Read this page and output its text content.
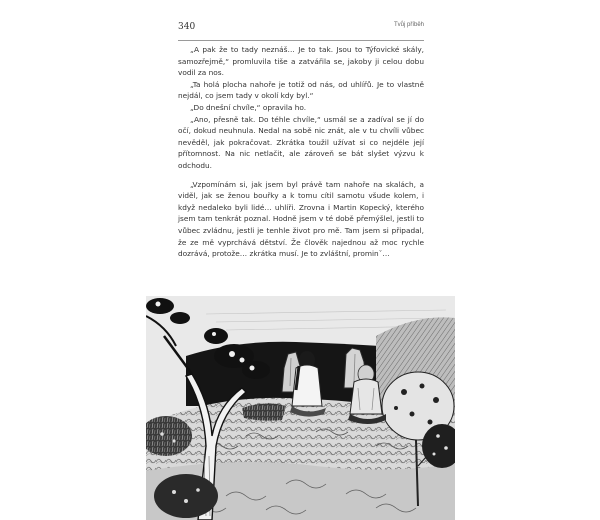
340	Tvůj příběh

„A pak že to tady neznáš… Je to tak. Jsou to Týfovické skály, samozřejmě,“ promluvila tiše a zatvářila se, jakoby ji celou dobu vodil za nos.

„Ta holá plocha nahoře je totiž od nás, od uhlířů. Je to vlastně nejdál, co jsem tady v okolí kdy byl.“

„Do dnešní chvíle,“ opravila ho.

„Ano, přesně tak. Do téhle chvíle,“ usmál se a zadíval se jí do očí, dokud neuhnula. Nedal na sobě nic znát, ale v tu chvíli vůbec nevěděl, jak pokračovat. Zkrátka toužil užívat si co nejdéle její přítomnost. Na nic netlačit, ale zároveň se bát slyšet výzvu k odchodu.

„Vzpomínám si, jak jsem byl právě tam nahoře na skalách, a viděl, jak se ženou bouřky a k tomu cítil samotu všude kolem, i když nedaleko byli lidé… uhlíři. Zrovna i Martin Kopecký, kterého jsem tam tenkrát poznal. Hodně jsem v té době přemýšlel, jestli to vůbec zvládnu, jestli je tenhle život pro mě. Tam jsem si připadal, že ze mě vyprchává dětství. Že člověk najednou až moc rychle dozrává, protože… zkrátka musí. Je to zvláštní, prominˇ…
